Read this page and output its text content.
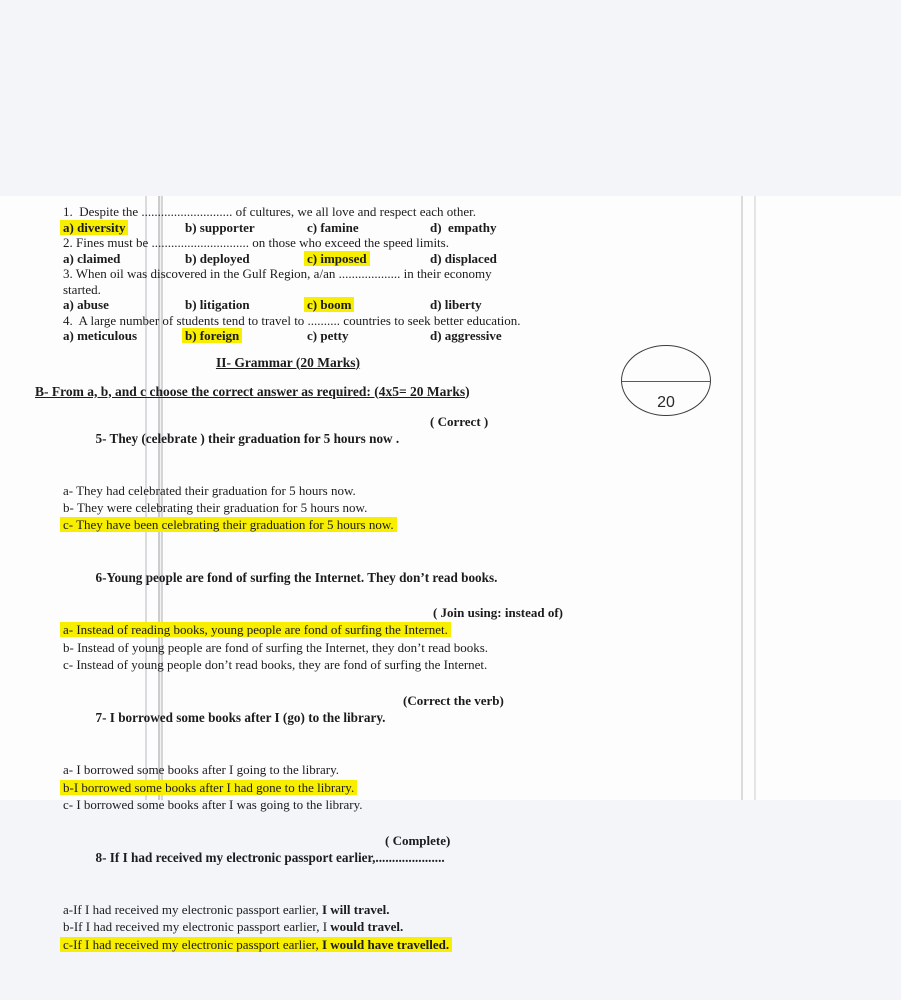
1.  Despite the ............................ of cultures, we all love and respect each other.
a) diversity	b) supporter	c) famine	d)  empathy
2. Fines must be .............................. on those who exceed the speed limits.
a) claimed	b) deployed	c) imposed	d) displaced
3. When oil was discovered in the Gulf Region, a/an ................... in their economy
started.
a) abuse	b) litigation	c) boom	d) liberty
4.  A large number of students tend to travel to .......... countries to seek better education.
a) meticulous	b) foreign	c) petty	d) aggressive
II- Grammar (20 Marks)
B- From a, b, and c choose the correct answer as required: (4x5= 20 Marks)

5- They (celebrate ) their graduation for 5 hours now .

( Correct )

a- They had celebrated their graduation for 5 hours now.
b- They were celebrating their graduation for 5 hours now.
c- They have been celebrating their graduation for 5 hours now.

6-Young people are fond of surfing the Internet. They don’t read books.

( Join using: instead of)
a- Instead of reading books, young people are fond of surfing the Internet.
b- Instead of young people are fond of surfing the Internet, they don’t read books.
c- Instead of young people don’t read books, they are fond of surfing the Internet.

7- I borrowed some books after I (go) to the library.

(Correct the verb)

a- I borrowed some books after I going to the library.
b-I borrowed some books after I had gone to the library.
c- I borrowed some books after I was going to the library.

8- If I had received my electronic passport earlier,.....................

( Complete)

a-If I had received my electronic passport earlier, I will travel.
b-If I had received my electronic passport earlier, I would travel.
c-If I had received my electronic passport earlier, I would have travelled.
20
